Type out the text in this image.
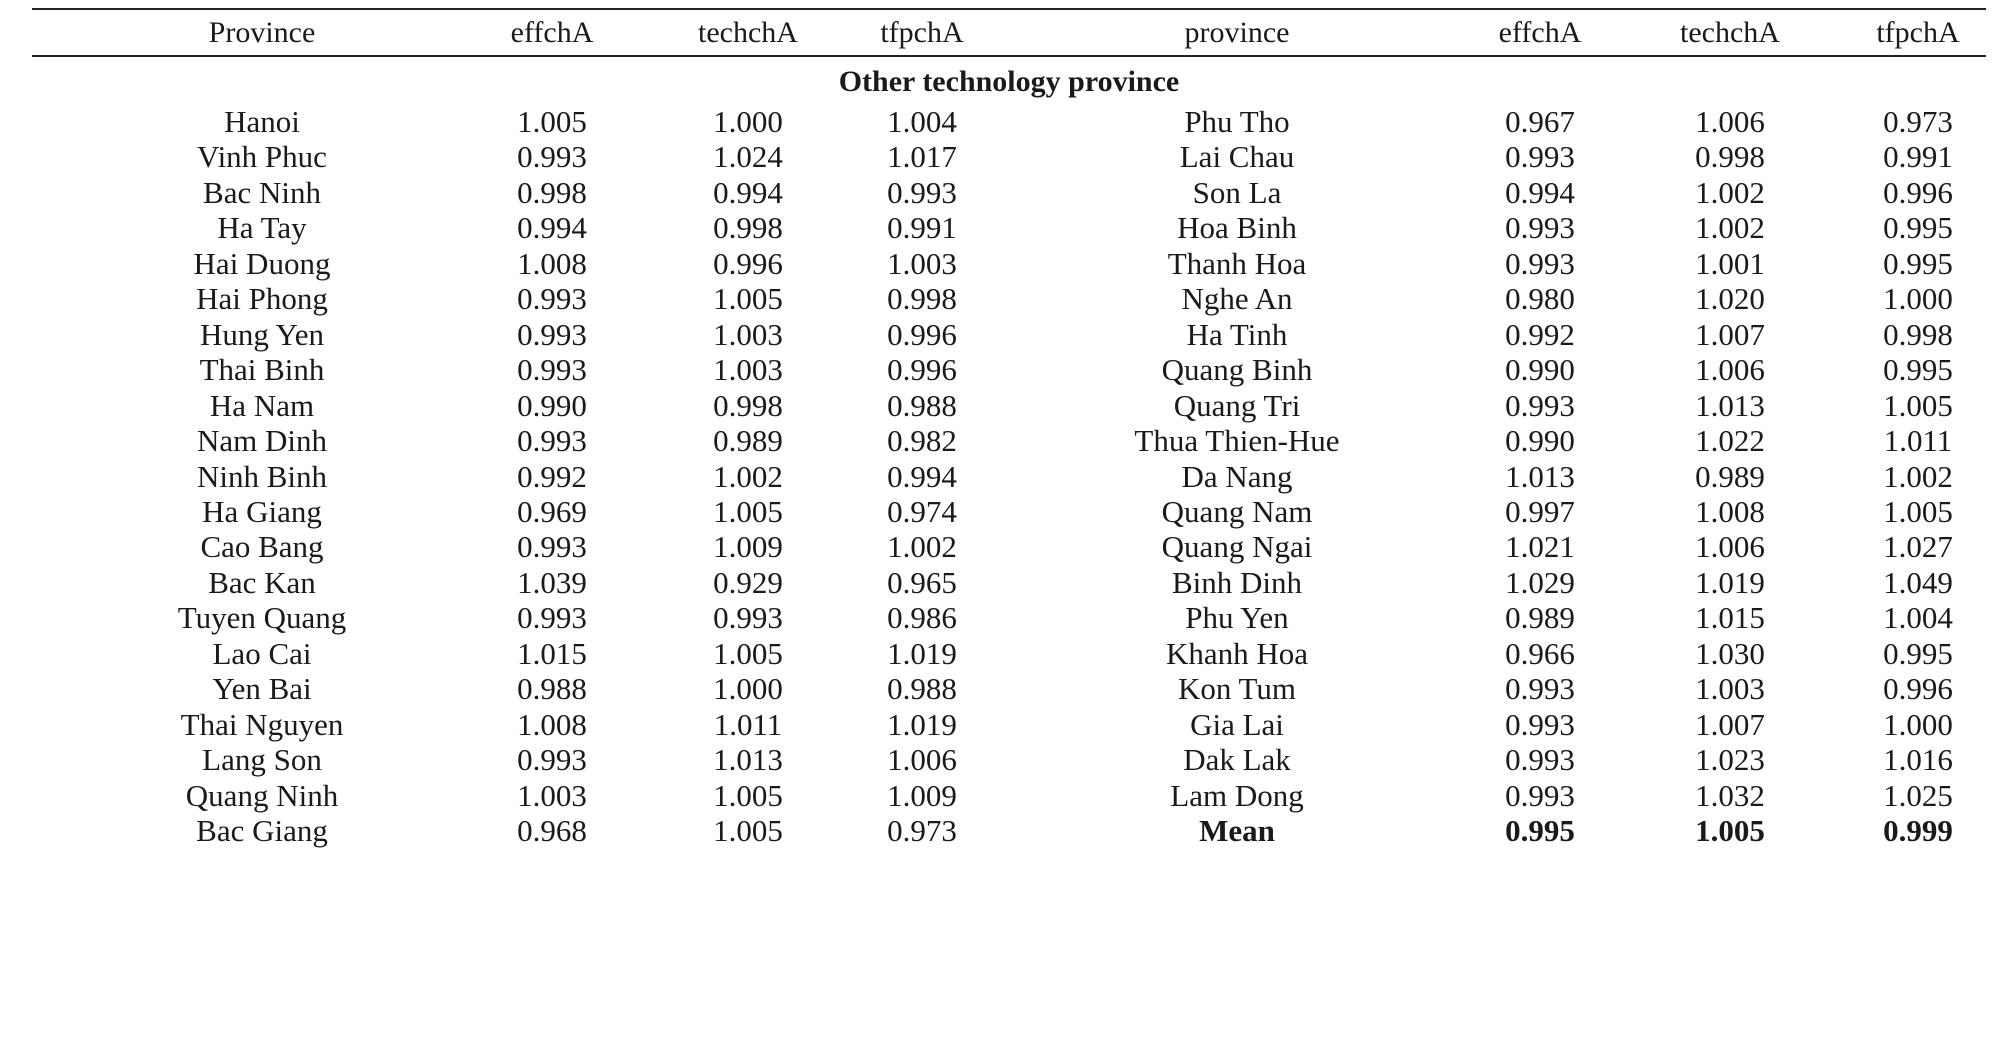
Province	effchA	techchA	tfpchA	province	effchA	techchA	tfpchA
Other technology province
Hanoi	1.005	1.000	1.004	Phu Tho	0.967	1.006	0.973
Vinh Phuc	0.993	1.024	1.017	Lai Chau	0.993	0.998	0.991
Bac Ninh	0.998	0.994	0.993	Son La	0.994	1.002	0.996
Ha Tay	0.994	0.998	0.991	Hoa Binh	0.993	1.002	0.995
Hai Duong	1.008	0.996	1.003	Thanh Hoa	0.993	1.001	0.995
Hai Phong	0.993	1.005	0.998	Nghe An	0.980	1.020	1.000
Hung Yen	0.993	1.003	0.996	Ha Tinh	0.992	1.007	0.998
Thai Binh	0.993	1.003	0.996	Quang Binh	0.990	1.006	0.995
Ha Nam	0.990	0.998	0.988	Quang Tri	0.993	1.013	1.005
Nam Dinh	0.993	0.989	0.982	Thua Thien-Hue	0.990	1.022	1.011
Ninh Binh	0.992	1.002	0.994	Da Nang	1.013	0.989	1.002
Ha Giang	0.969	1.005	0.974	Quang Nam	0.997	1.008	1.005
Cao Bang	0.993	1.009	1.002	Quang Ngai	1.021	1.006	1.027
Bac Kan	1.039	0.929	0.965	Binh Dinh	1.029	1.019	1.049
Tuyen Quang	0.993	0.993	0.986	Phu Yen	0.989	1.015	1.004
Lao Cai	1.015	1.005	1.019	Khanh Hoa	0.966	1.030	0.995
Yen Bai	0.988	1.000	0.988	Kon Tum	0.993	1.003	0.996
Thai Nguyen	1.008	1.011	1.019	Gia Lai	0.993	1.007	1.000
Lang Son	0.993	1.013	1.006	Dak Lak	0.993	1.023	1.016
Quang Ninh	1.003	1.005	1.009	Lam Dong	0.993	1.032	1.025
Bac Giang	0.968	1.005	0.973	Mean	0.995	1.005	0.999
